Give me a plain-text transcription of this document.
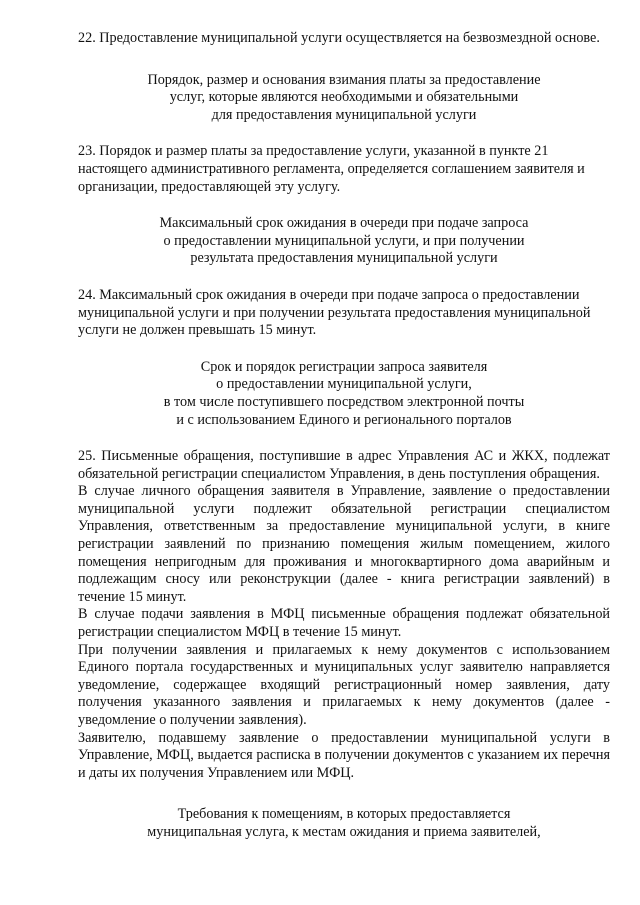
22. Предоставление муниципальной услуги осуществляется на безвозмездной основе.

Порядок, размер и основания взимания платы за предоставление
услуг, которые являются необходимыми и обязательными
для предоставления муниципальной услуги

23. Порядок и размер платы за предоставление услуги, указанной в пункте 21 настоящего административного регламента, определяется соглашением заявителя и организации, предоставляющей эту услугу.

Максимальный срок ожидания в очереди при подаче запроса
о предоставлении муниципальной услуги, и при получении
результата предоставления муниципальной услуги

24. Максимальный срок ожидания в очереди при подаче запроса о предоставлении муниципальной услуги и при получении результата предоставления муниципальной услуги не должен превышать 15 минут.

Срок и порядок регистрации запроса заявителя
о предоставлении муниципальной услуги,
в том числе поступившего посредством электронной почты
и с использованием Единого и регионального порталов

25. Письменные обращения, поступившие в адрес Управления АС и ЖКХ, подлежат обязательной регистрации специалистом Управления, в день поступления обращения.

В случае личного обращения заявителя в Управление, заявление о предоставлении муниципальной услуги подлежит обязательной регистрации специалистом Управления, ответственным за предоставление муниципальной услуги, в книге регистрации заявлений по признанию помещения жилым помещением, жилого помещения непригодным для проживания и многоквартирного дома аварийным и подлежащим сносу или реконструкции (далее - книга регистрации заявлений) в течение 15 минут.

В случае подачи заявления в МФЦ письменные обращения подлежат обязательной регистрации специалистом МФЦ в течение 15 минут.

При получении заявления и прилагаемых к нему документов с использованием Единого портала государственных и муниципальных услуг заявителю направляется уведомление, содержащее входящий регистрационный номер заявления, дату получения указанного заявления и прилагаемых к нему документов (далее - уведомление о получении заявления).

Заявителю, подавшему заявление о предоставлении муниципальной услуги в Управление, МФЦ, выдается расписка в получении документов с указанием их перечня и даты их получения Управлением или МФЦ.

Требования к помещениям, в которых предоставляется
муниципальная услуга, к местам ожидания и приема заявителей,
